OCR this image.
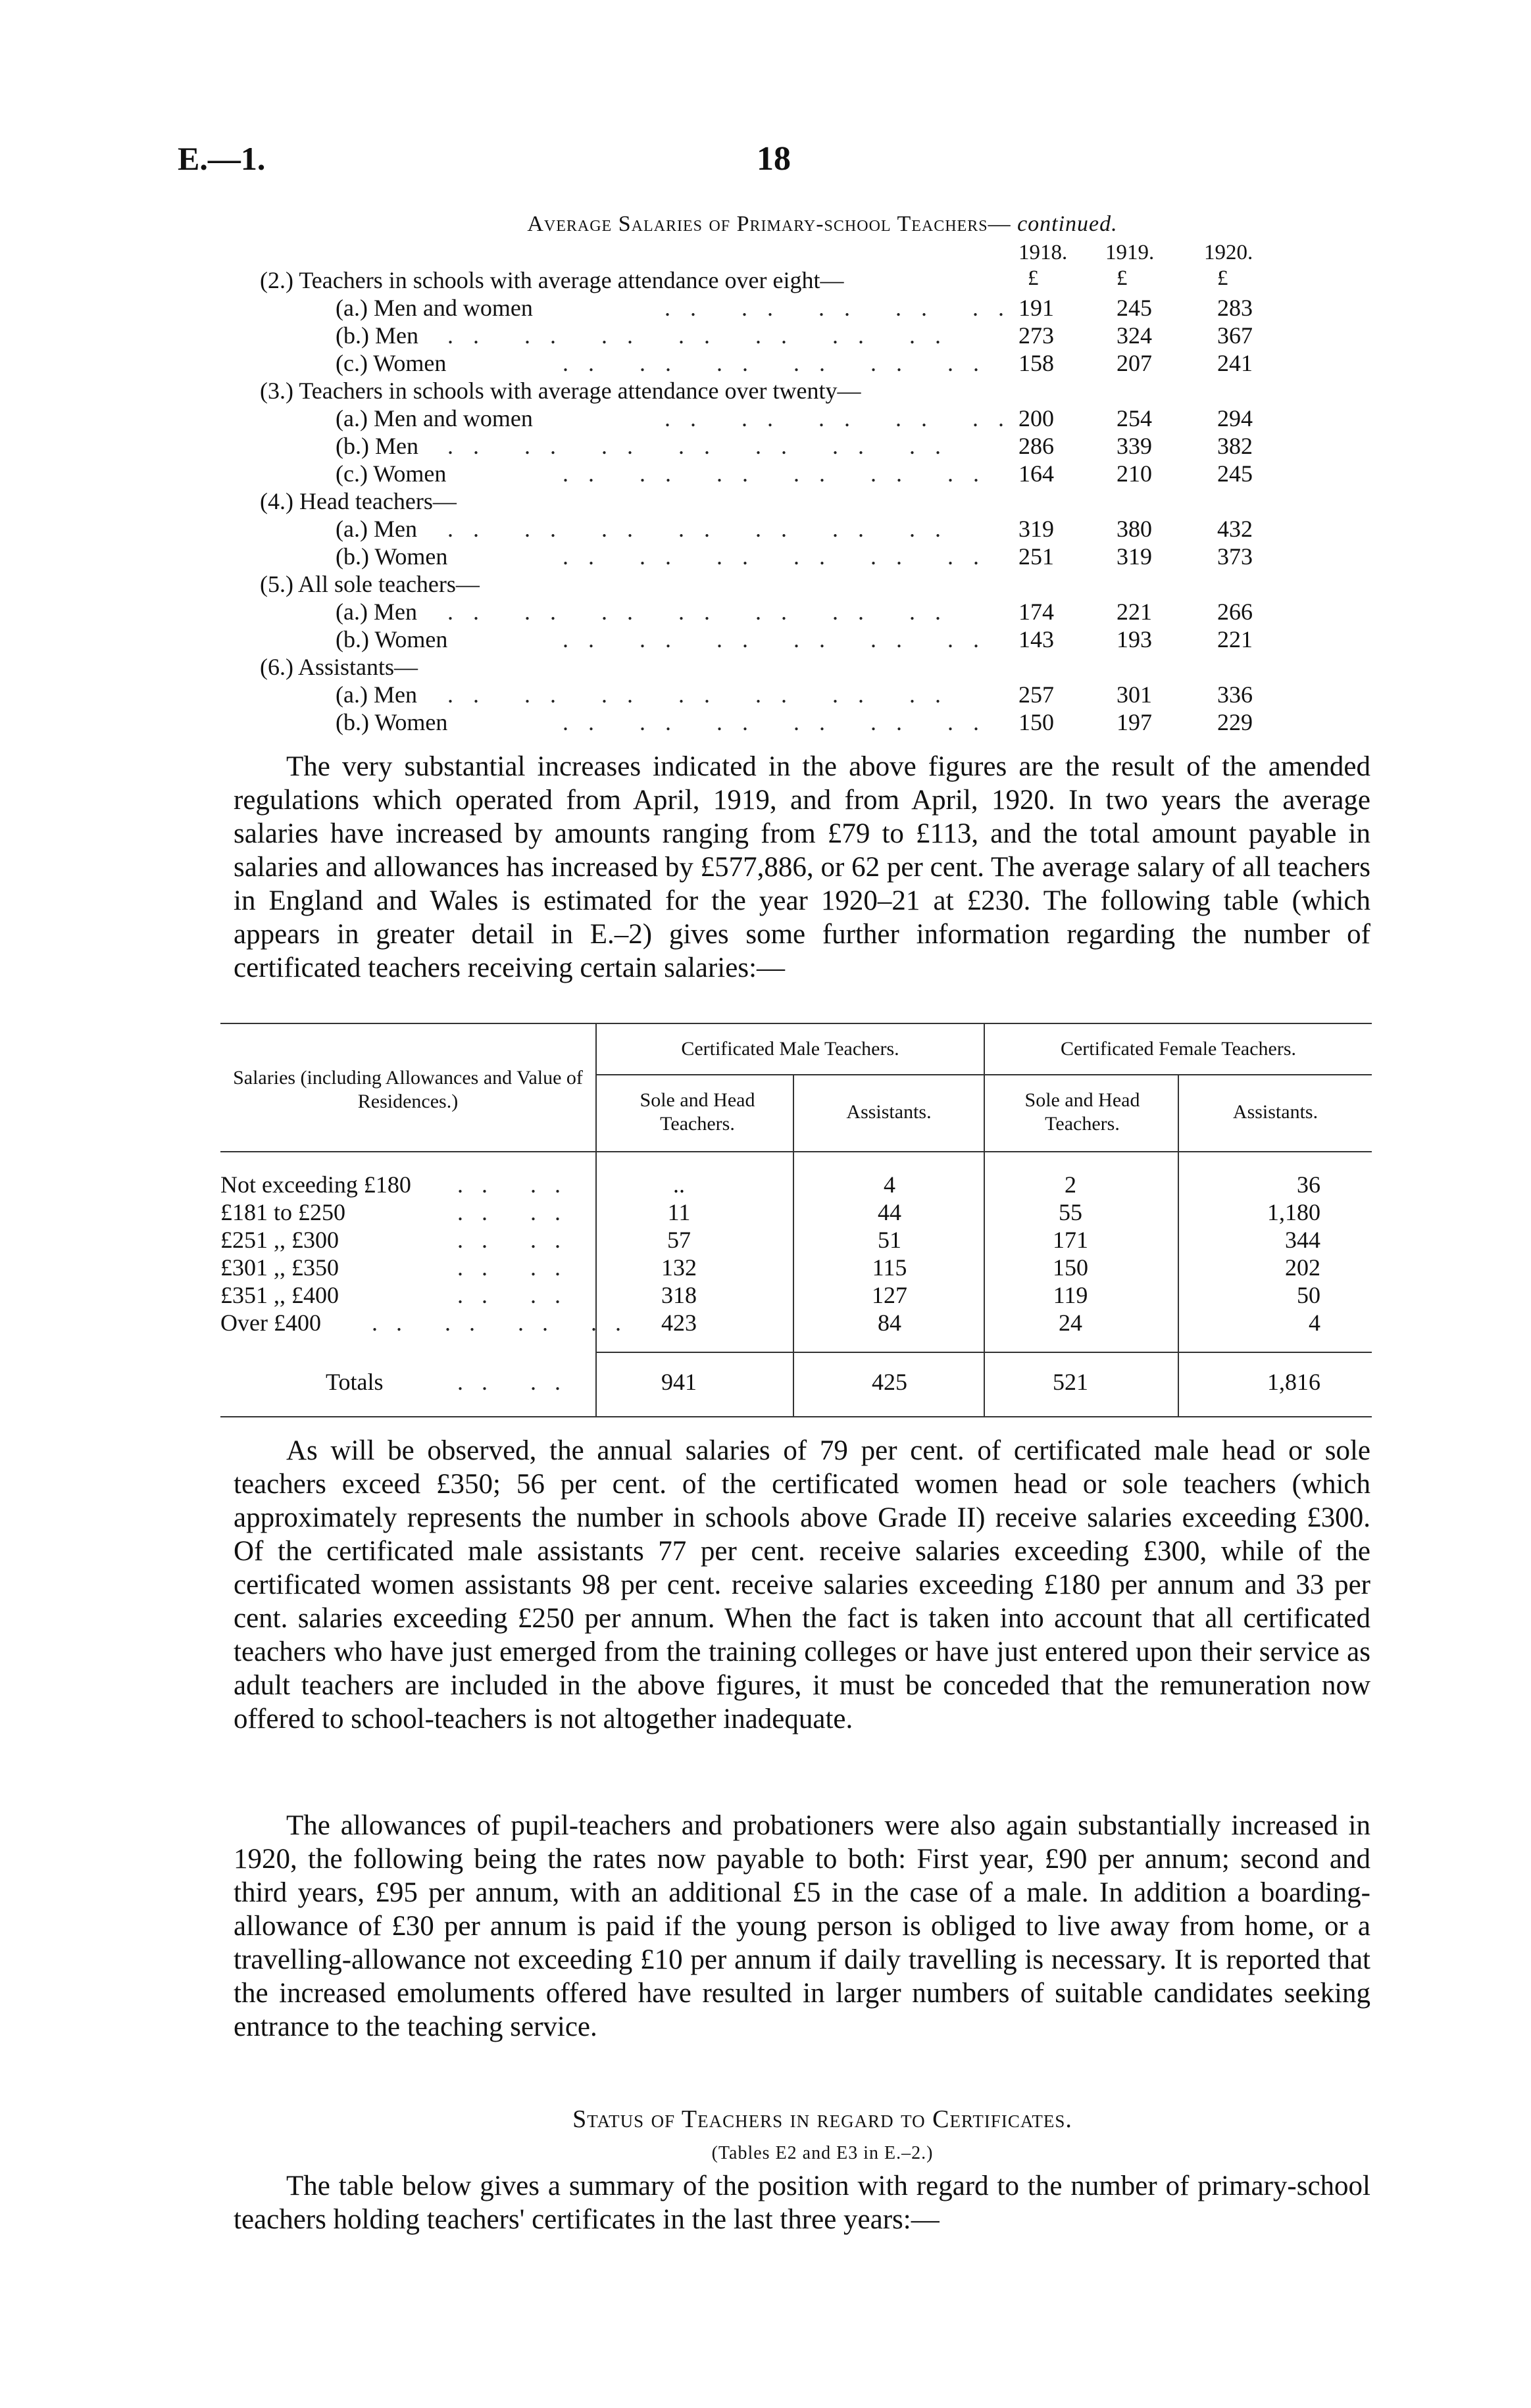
E.—1.	18
Average Salaries of Primary-school Teachers— continued.
1918. 1919. 1920.
£	£	£
(2.) Teachers in schools with average attendance over eight—
(a.) Men and women	.. .. .. .. ..
191	245	283
(b.) Men .. .. .. .. .. .. .. 273	324	367
(c.) Women	.. .. .. .. .. .. 158	207	241
(3.) Teachers in schools with average attendance over twenty—
(a.) Men and women	.. .. .. .. ..
200	254	294
(b.) Men .. .. .. .. .. .. .. 286	339	382
(c.) Women	.. .. .. .. .. .. 164	210	245
(4.) Head teachers—
(a.) Men .. .. .. .. .. .. .. 319	380	432
(b.) Women	.. .. .. .. .. .. 251	319	373
(5.) All sole teachers—
(a.) Men .. .. .. .. .. .. .. 174	221	266
(b.) Women	.. .. .. .. .. .. 143	193	221
(6.) Assistants—
(a.) Men .. .. .. .. .. .. .. 257	301	336
(b.) Women	.. .. .. .. .. .. 150	197	229

The very substantial increases indicated in the above figures are the result of the amended regulations which operated from April, 1919, and from April, 1920. In two years the average salaries have increased by amounts ranging from £79 to £113, and the total amount payable in salaries and allowances has increased by £577,886, or 62 per cent. The average salary of all teachers in England and Wales is estimated for the year 1920–21 at £230. The following table (which appears in greater detail in E.–2) gives some further information regarding the number of certificated teachers receiving certain salaries:—

Salaries (including Allowances and Value of Residences.)
Certificated Male Teachers.	Certificated Female Teachers.
Sole and Head Teachers.
Assistants.
Sole and Head Teachers.
Assistants.
Not exceeding £180 .. ..	..	4	2	36
£181 to £250	.. ..	11	44	55	1,180
£251 ,, £300	.. ..	57	51	171	344
£301 ,, £350	.. ..	132	115	150	202
£351 ,, £400	.. ..	318	127	119	50
Over £400 .. .. .. .. 423	84	24	4
Totals	.. ..	941	425	521	1,816

As will be observed, the annual salaries of 79 per cent. of certificated male head or sole teachers exceed £350; 56 per cent. of the certificated women head or sole teachers (which approximately represents the number in schools above Grade II) receive salaries exceeding £300. Of the certificated male assistants 77 per cent. receive salaries exceeding £300, while of the certificated women assistants 98 per cent. receive salaries exceeding £180 per annum and 33 per cent. salaries exceeding £250 per annum. When the fact is taken into account that all certificated teachers who have just emerged from the training colleges or have just entered upon their service as adult teachers are included in the above figures, it must be conceded that the remuneration now offered to school-teachers is not altogether inadequate.

The allowances of pupil-teachers and probationers were also again substantially increased in 1920, the following being the rates now payable to both: First year, £90 per annum; second and third years, £95 per annum, with an additional £5 in the case of a male. In addition a boarding-allowance of £30 per annum is paid if the young person is obliged to live away from home, or a travelling-allowance not exceeding £10 per annum if daily travelling is necessary. It is reported that the increased emoluments offered have resulted in larger numbers of suitable candidates seeking entrance to the teaching service.

Status of Teachers in regard to Certificates.
(Tables E2 and E3 in E.–2.)

The table below gives a summary of the position with regard to the number of primary-school teachers holding teachers' certificates in the last three years:—
